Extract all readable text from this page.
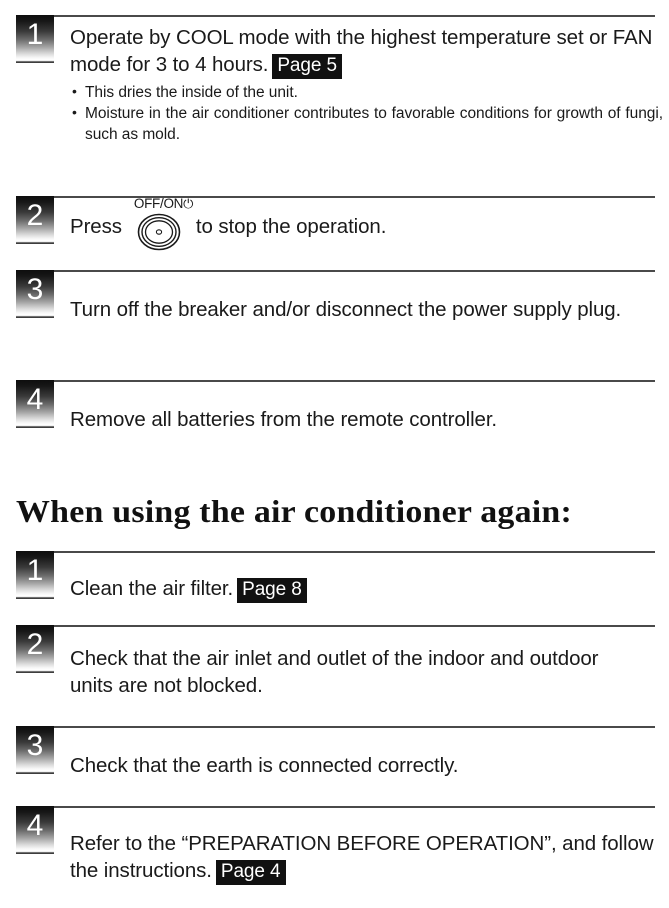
1	Operate by COOL mode with the highest temperature set or FAN mode for 3 to 4 hours. Page 5
• This dries the inside of the unit.
• Moisture in the air conditioner contributes to favorable conditions for growth of fungi, such as mold.
2	Press
OFF/ON⏻
to stop the operation.
3
Turn off the breaker and/or disconnect the power supply plug.
4
Remove all batteries from the remote controller.
When using the air conditioner again:
1
Clean the air filter. Page 8
2	Check that the air inlet and outlet of the indoor and outdoor units are not blocked.
3
Check that the earth is connected correctly.
4
Refer to the “PREPARATION BEFORE OPERATION”, and follow the instructions. Page 4
